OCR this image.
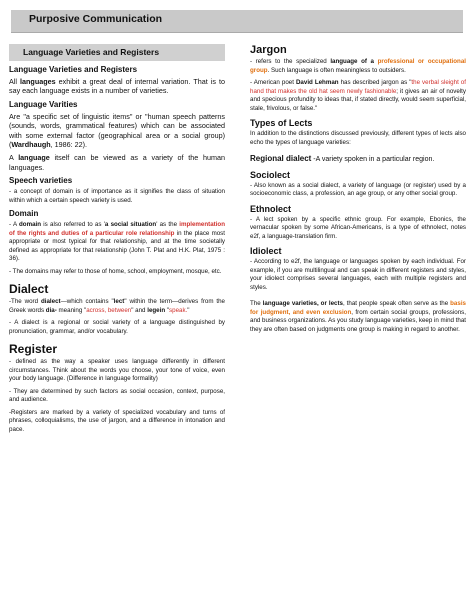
Purposive Communication
Language Varieties and Registers
Language Varieties and Registers

All languages exhibit a great deal of internal variation. That is to say each language exists in a number of varieties.

Language Varities

Are "a specific set of linguistic items" or "human speech patterns (sounds, words, grammatical features) which can be associated with some external factor (geographical area or a social group) (Wardhaugh, 1986: 22).

A language itself can be viewed as a variety of the human languages.

Speech varieties

- a concept of domain is of importance as it signifies the class of situation within which a certain speech variety is used.

Domain

- A domain is also referred to as 'a social situation' as the implementation of the rights and duties of a particular role relationship in the place most appropriate or most typical for that relationship, and at the time societally defined as appropriate for that relationship (John T. Plat and H.K. Plat, 1975 : 36).

- The domains may refer to those of home, school, employment, mosque, etc.

Dialect

-The word dialect—which contains "lect" within the term—derives from the Greek words dia- meaning "across, between" and legein "speak."

- A dialect is a regional or social variety of a language distinguished by pronunciation, grammar, and/or vocabulary.

Register

- defined as the way a speaker uses language differently in different circumstances. Think about the words you choose, your tone of voice, even your body language. (Difference in language formality)

- They are determined by such factors as social occasion, context, purpose, and audience.

-Registers are marked by a variety of specialized vocabulary and turns of phrases, colloquialisms, the use of jargon, and a difference in intonation and pace.

Jargon

- refers to the specialized language of a professional or occupational group. Such language is often meaningless to outsiders.

- American poet David Lehman has described jargon as "the verbal sleight of hand that makes the old hat seem newly fashionable; it gives an air of novelty and specious profundity to ideas that, if stated directly, would seem superficial, stale, frivolous, or false."

Types of Lects

In addition to the distinctions discussed previously, different types of lects also echo the types of language varieties:

Regional dialect -A variety spoken in a particular region.

Sociolect

- Also known as a social dialect, a variety of language (or register) used by a socioeconomic class, a profession, an age group, or any other social group.

Ethnolect

- A lect spoken by a specific ethnic group. For example, Ebonics, the vernacular spoken by some African-Americans, is a type of ethnolect, notes e2f, a language-translation firm.

Idiolect

- According to e2f, the language or languages spoken by each individual. For example, if you are multilingual and can speak in different registers and styles, your idiolect comprises several languages, each with multiple registers and styles.

The language varieties, or lects, that people speak often serve as the basis for judgment, and even exclusion, from certain social groups, professions, and business organizations. As you study language varieties, keep in mind that they are often based on judgments one group is making in regard to another.
